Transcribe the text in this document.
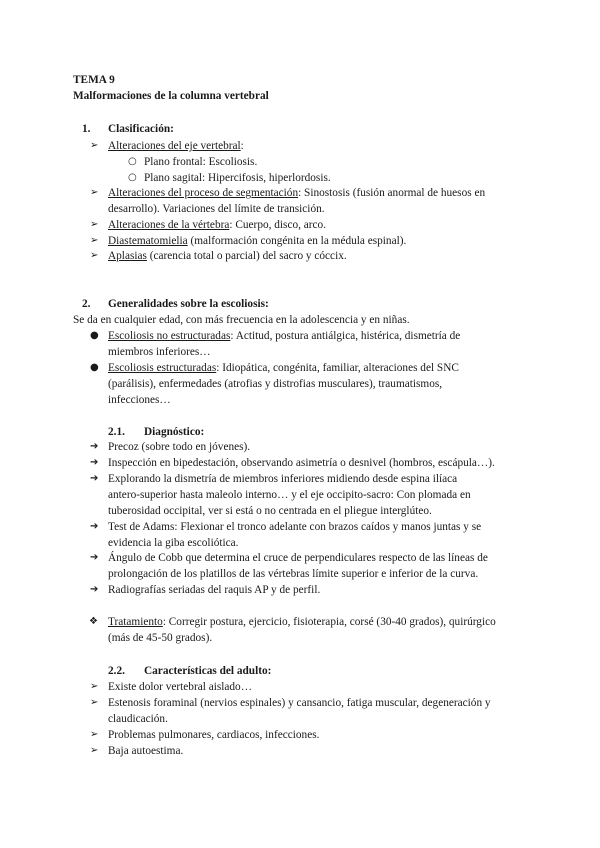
TEMA 9
Malformaciones de la columna vertebral
1. Clasificación:
➢ Alteraciones del eje vertebral:
○ Plano frontal: Escoliosis.
○ Plano sagital: Hipercifosis, hiperlordosis.
➢ Alteraciones del proceso de segmentación: Sinostosis (fusión anormal de huesos en
desarrollo). Variaciones del límite de transición.
➢ Alteraciones de la vértebra: Cuerpo, disco, arco.
➢ Diastematomielia (malformación congénita en la médula espinal).
➢ Aplasias (carencia total o parcial) del sacro y cóccix.
2. Generalidades sobre la escoliosis:
Se da en cualquier edad, con más frecuencia en la adolescencia y en niñas.
● Escoliosis no estructuradas: Actitud, postura antiálgica, histérica, dismetría de
miembros inferiores…
● Escoliosis estructuradas: Idiopática, congénita, familiar, alteraciones del SNC
(parálisis), enfermedades (atrofias y distrofias musculares), traumatismos,
infecciones…
2.1. Diagnóstico:
➔ Precoz (sobre todo en jóvenes).
➔ Inspección en bipedestación, observando asimetría o desnivel (hombros, escápula…).
➔ Explorando la dismetría de miembros inferiores midiendo desde espina ilíaca
antero-superior hasta maleolo interno… y el eje occipito-sacro: Con plomada en
tuberosidad occipital, ver si está o no centrada en el pliegue interglúteo.
➔ Test de Adams: Flexionar el tronco adelante con brazos caídos y manos juntas y se
evidencia la giba escoliótica.
➔ Ángulo de Cobb que determina el cruce de perpendiculares respecto de las líneas de
prolongación de los platillos de las vértebras límite superior e inferior de la curva.
➔ Radiografías seriadas del raquis AP y de perfil.
❖ Tratamiento: Corregir postura, ejercicio, fisioterapia, corsé (30-40 grados), quirúrgico
(más de 45-50 grados).
2.2. Características del adulto:
➢ Existe dolor vertebral aislado…
➢ Estenosis foraminal (nervios espinales) y cansancio, fatiga muscular, degeneración y
claudicación.
➢ Problemas pulmonares, cardiacos, infecciones.
➢ Baja autoestima.
